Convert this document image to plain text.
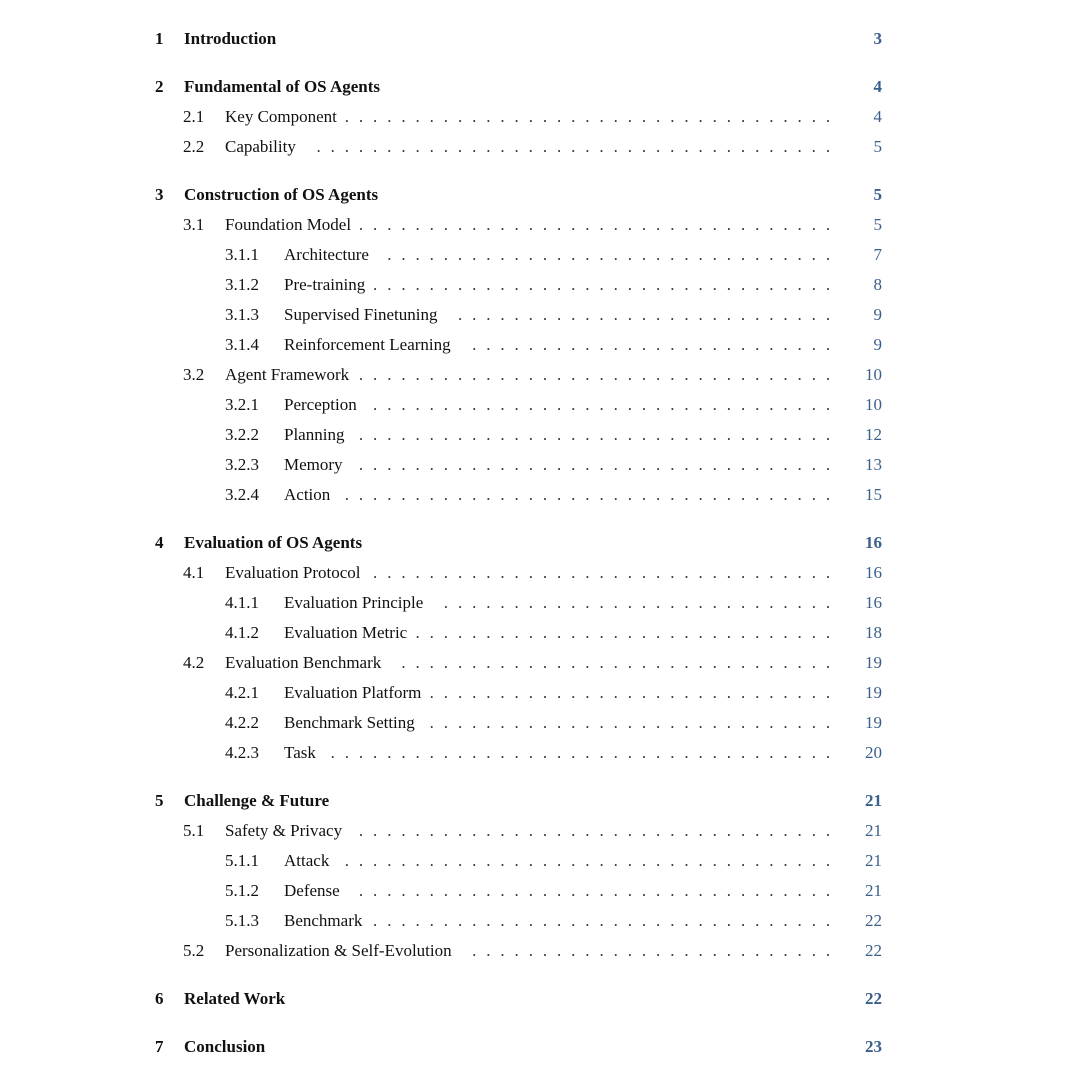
1 Introduction	3
2 Fundamental of OS Agents	4
2.1 Key Component ................................... 4
2.2 Capability	..................................... 5
3 Construction of OS Agents	5
3.1 Foundation Model .................................. 5
3.1.1 Architecture	................................ 7
3.1.2 Pre-training ................................. 8
3.1.3 Supervised Finetuning	........................... 9
3.1.4 Reinforcement Learning	.......................... 9
3.2 Agent Framework .................................. 10
3.2.1 Perception ................................. 10
3.2.2 Planning .................................. 12
3.2.3 Memory .................................. 13
3.2.4 Action ................................... 15
4 Evaluation of OS Agents	16
4.1 Evaluation Protocol ................................. 16
4.1.1 Evaluation Principle	............................ 16
4.1.2 Evaluation Metric .............................. 18
4.2 Evaluation Benchmark	............................... 19
4.2.1 Evaluation Platform ............................. 19
4.2.2 Benchmark Setting ............................. 19
4.2.3 Task .................................... 20
5 Challenge & Future	21
5.1 Safety & Privacy .................................. 21
5.1.1 Attack ................................... 21
5.1.2 Defense	.................................. 21
5.1.3 Benchmark ................................. 22
5.2 Personalization & Self-Evolution	.......................... 22
6 Related Work	22
7 Conclusion	23
